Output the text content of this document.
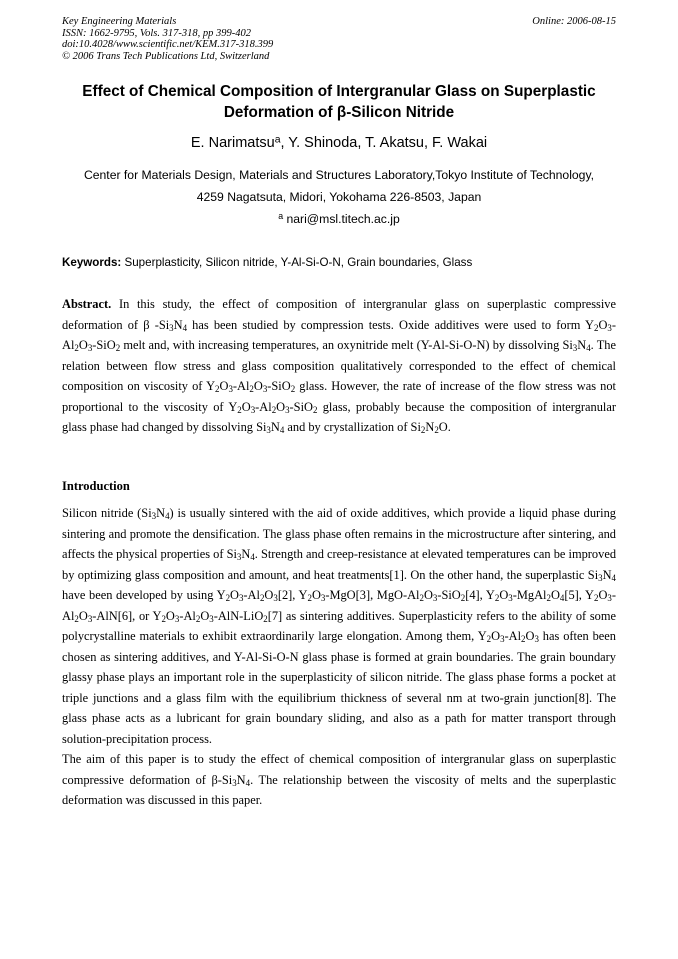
Key Engineering Materials
ISSN: 1662-9795, Vols. 317-318, pp 399-402
doi:10.4028/www.scientific.net/KEM.317-318.399
© 2006 Trans Tech Publications Ltd, Switzerland
Online: 2006-08-15
Effect of Chemical Composition of Intergranular Glass on Superplastic
Deformation of β-Silicon Nitride
E. Narimatsu$^a$, Y. Shinoda, T. Akatsu, F. Wakai
Center for Materials Design, Materials and Structures Laboratory,Tokyo Institute of Technology,
4259 Nagatsuta, Midori, Yokohama 226-8503, Japan
$^a$ nari@msl.titech.ac.jp
Keywords: Superplasticity, Silicon nitride, Y-Al-Si-O-N, Grain boundaries, Glass

Abstract. In this study, the effect of composition of intergranular glass on superplastic compressive deformation of β $-Si_3N_4$ has been studied by compression tests. Oxide additives were used to form $Y_2O_3-Al_2O_3-SiO_2$ melt and, with increasing temperatures, an oxynitride melt (Y-Al-Si-O-N) by dissolving $Si_3N_4$. The relation between flow stress and glass composition qualitatively corresponded to the effect of chemical composition on viscosity of $Y_2O_3-Al_2O_3-SiO_2$ glass. However, the rate of increase of the flow stress was not proportional to the viscosity of $Y_2O_3-Al_2O_3-SiO_2$ glass, probably because the composition of intergranular glass phase had changed by dissolving $Si_3N_4$ and by crystallization of $Si_2N_2O$.

Introduction

Silicon nitride $(Si_3N_4)$ is usually sintered with the aid of oxide additives, which provide a liquid phase during sintering and promote the densification. The glass phase often remains in the microstructure after sintering, and affects the physical properties of $Si_3N_4$. Strength and creep-resistance at elevated temperatures can be improved by optimizing glass composition and amount, and heat treatments[1]. On the other hand, the superplastic $Si_3N_4$ have been developed by using $Y_2O_3-Al_2O_3[2]$, $Y_2O_3-MgO[3]$, MgO-$Al_2O_3-SiO_2[4]$, $Y_2O_3-MgAl_2O_4[5]$, $Y_2O_3-Al_2O_3-AlN[6]$, or $Y_2O_3-Al_2O_3-AlN-LiO_2[7]$ as sintering additives. Superplasticity refers to the ability of some polycrystalline materials to exhibit extraordinarily large elongation. Among them, $Y_2O_3-Al_2O_3$ has often been chosen as sintering additives, and Y-Al-Si-O-N glass phase is formed at grain boundaries. The grain boundary glassy phase plays an important role in the superplasticity of silicon nitride. The glass phase forms a pocket at triple junctions and a glass film with the equilibrium thickness of several nm at two-grain junction[8]. The glass phase acts as a lubricant for grain boundary sliding, and also as a path for matter transport through solution-precipitation process.

The aim of this paper is to study the effect of chemical composition of intergranular glass on superplastic compressive deformation of $\beta-Si_3N_4$. The relationship between the viscosity of melts and the superplastic deformation was discussed in this paper.
